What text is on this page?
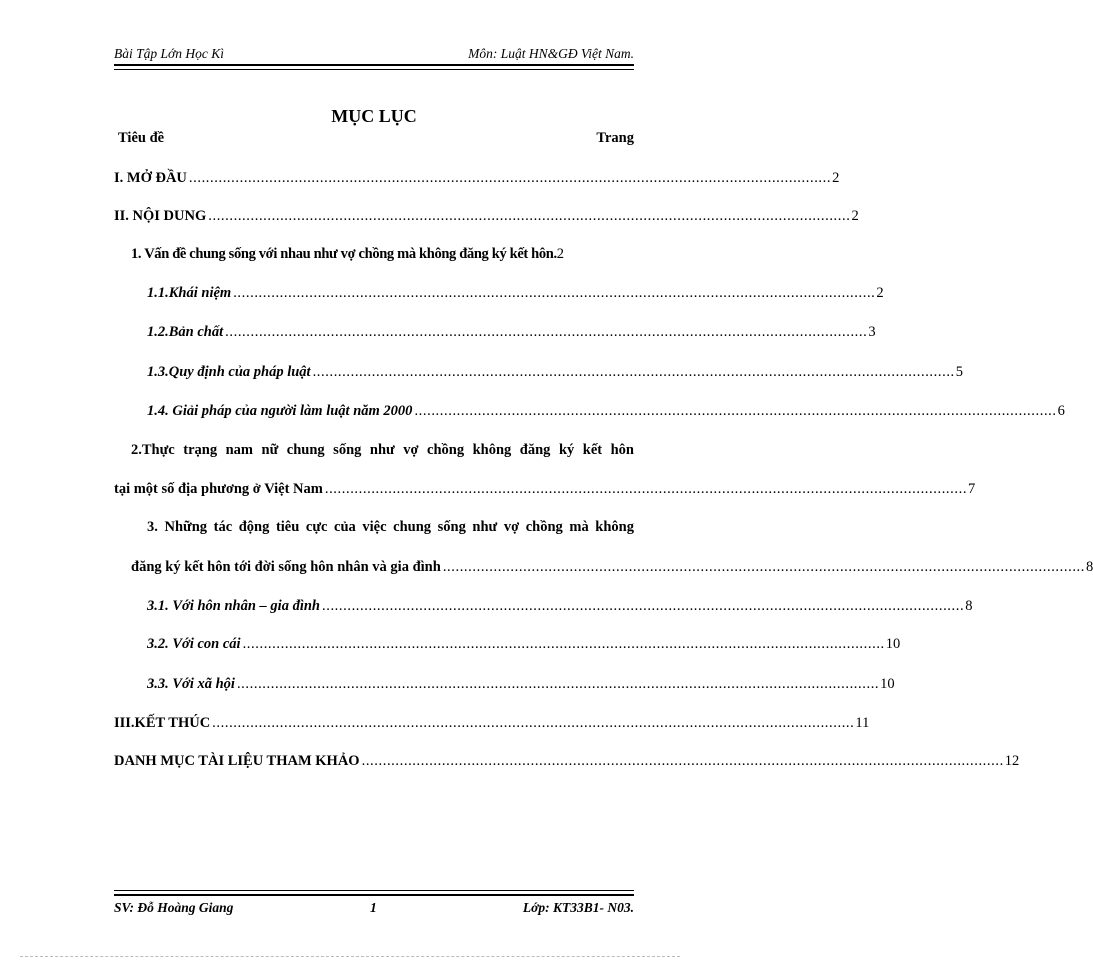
Bài Tập Lớn Học Kì	Môn: Luật HN&GĐ Việt Nam.
MỤC LỤC
Tiêu đề	Trang
I. MỞ ĐẦU ........................................................................................................................................................ 2
II. NỘI DUNG ........................................................................................................................................................ 2
1. Vấn đề chung sống với nhau như vợ chồng mà không đăng ký kết hôn. 2
1.1.Khái niệm ........................................................................................................................................................ 2
1.2.Bản chất ........................................................................................................................................................ 3
1.3.Quy định của pháp luật ........................................................................................................................................................ 5
1.4. Giải pháp của người làm luật năm 2000 ........................................................................................................................................................ 6
2.Thực trạng nam nữ chung sống như vợ chồng không đăng ký kết hôn
tại một số địa phương ở Việt Nam ........................................................................................................................................................ 7
3. Những tác động tiêu cực của việc chung sống như vợ chồng mà không
đăng ký kết hôn tới đời sống hôn nhân và gia đình ........................................................................................................................................................ 8
3.1. Với hôn nhân – gia đình ........................................................................................................................................................ 8
3.2. Với con cái ........................................................................................................................................................ 10
3.3. Với xã hội ........................................................................................................................................................ 10
III.KẾT THÚC ........................................................................................................................................................ 11
DANH MỤC TÀI LIỆU THAM KHẢO ........................................................................................................................................................ 12
SV: Đỗ Hoàng Giang	1	Lớp: KT33B1- N03.
